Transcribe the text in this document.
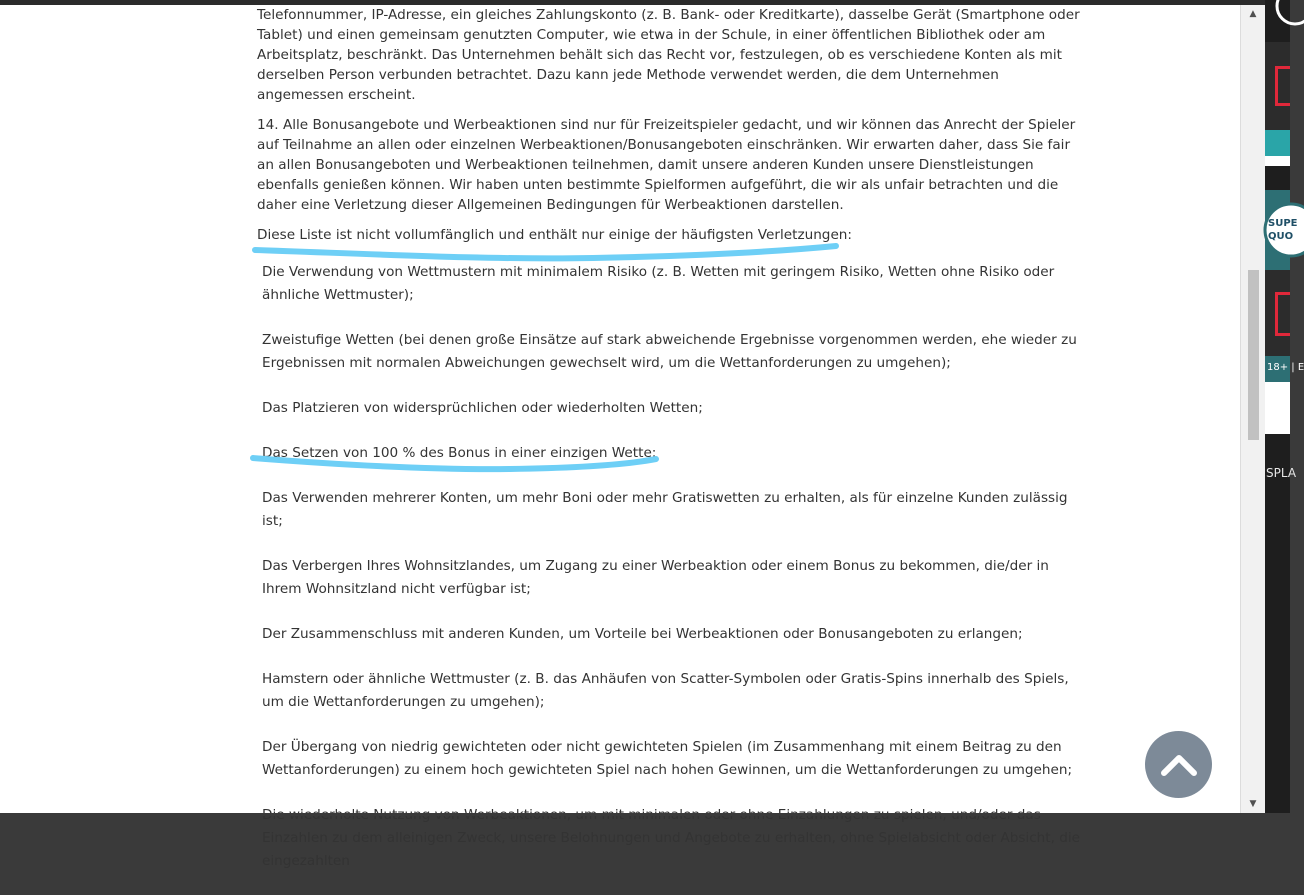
Telefonnummer, IP-Adresse, ein gleiches Zahlungskonto (z. B. Bank- oder Kreditkarte), dasselbe Gerät (Smartphone oder Tablet) und einen gemeinsam genutzten Computer, wie etwa in der Schule, in einer öffentlichen Bibliothek oder am Arbeitsplatz, beschränkt. Das Unternehmen behält sich das Recht vor, festzulegen, ob es verschiedene Konten als mit derselben Person verbunden betrachtet. Dazu kann jede Methode verwendet werden, die dem Unternehmen angemessen erscheint.

14. Alle Bonusangebote und Werbeaktionen sind nur für Freizeitspieler gedacht, und wir können das Anrecht der Spieler auf Teilnahme an allen oder einzelnen Werbeaktionen/Bonusangeboten einschränken. Wir erwarten daher, dass Sie fair an allen Bonusangeboten und Werbeaktionen teilnehmen, damit unsere anderen Kunden unsere Dienstleistungen ebenfalls genießen können. Wir haben unten bestimmte Spielformen aufgeführt, die wir als unfair betrachten und die daher eine Verletzung dieser Allgemeinen Bedingungen für Werbeaktionen darstellen.

Diese Liste ist nicht vollumfänglich und enthält nur einige der häufigsten Verletzungen:
Die Verwendung von Wettmustern mit minimalem Risiko (z. B. Wetten mit geringem Risiko, Wetten ohne Risiko oder ähnliche Wettmuster);
Zweistufige Wetten (bei denen große Einsätze auf stark abweichende Ergebnisse vorgenommen werden, ehe wieder zu Ergebnissen mit normalen Abweichungen gewechselt wird, um die Wettanforderungen zu umgehen);
Das Platzieren von widersprüchlichen oder wiederholten Wetten;
Das Setzen von 100 % des Bonus in einer einzigen Wette;
Das Verwenden mehrerer Konten, um mehr Boni oder mehr Gratiswetten zu erhalten, als für einzelne Kunden zulässig ist;
Das Verbergen Ihres Wohnsitzlandes, um Zugang zu einer Werbeaktion oder einem Bonus zu bekommen, die/der in Ihrem Wohnsitzland nicht verfügbar ist;
Der Zusammenschluss mit anderen Kunden, um Vorteile bei Werbeaktionen oder Bonusangeboten zu erlangen;
Hamstern oder ähnliche Wettmuster (z. B. das Anhäufen von Scatter-Symbolen oder Gratis-Spins innerhalb des Spiels, um die Wettanforderungen zu umgehen);
Der Übergang von niedrig gewichteten oder nicht gewichteten Spielen (im Zusammenhang mit einem Beitrag zu den Wettanforderungen) zu einem hoch gewichteten Spiel nach hohen Gewinnen, um die Wettanforderungen zu umgehen;
Einzahlen zu dem alleinigen Zweck, unsere Belohnungen und Angebote zu erhalten, ohne Spielabsicht oder Absicht, die eingezahlten
▲
▼
SUPE
QUO
18+ | E
SPLA
